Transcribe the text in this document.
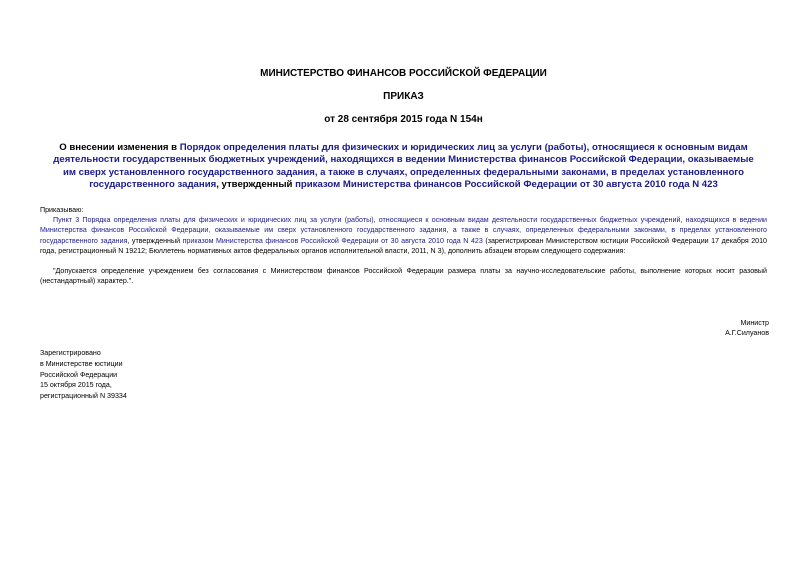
МИНИСТЕРСТВО ФИНАНСОВ РОССИЙСКОЙ ФЕДЕРАЦИИ
ПРИКАЗ
от 28 сентября 2015 года N 154н
О внесении изменения в Порядок определения платы для физических и юридических лиц за услуги (работы), относящиеся к основным видам деятельности государственных бюджетных учреждений, находящихся в ведении Министерства финансов Российской Федерации, оказываемые им сверх установленного государственного задания, а также в случаях, определенных федеральными законами, в пределах установленного государственного задания, утвержденный приказом Министерства финансов Российской Федерации от 30 августа 2010 года N 423
Приказываю:
Пункт 3 Порядка определения платы для физических и юридических лиц за услуги (работы), относящиеся к основным видам деятельности государственных бюджетных учреждений, находящихся в ведении Министерства финансов Российской Федерации, оказываемые им сверх установленного государственного задания, а также в случаях, определенных федеральными законами, в пределах установленного государственного задания, утвержденный приказом Министерства финансов Российской Федерации от 30 августа 2010 года N 423 (зарегистрирован Министерством юстиции Российской Федерации 17 декабря 2010 года, регистрационный N 19212; Бюллетень нормативных актов федеральных органов исполнительной власти, 2011, N 3), дополнить абзацем вторым следующего содержания:
"Допускается определение учреждением без согласования с Министерством финансов Российской Федерации размера платы за научно-исследовательские работы, выполнение которых носит разовый (нестандартный) характер.".
Министр
А.Г.Силуанов
Зарегистрировано
в Министерстве юстиции
Российской Федерации
15 октября 2015 года,
регистрационный N 39334
